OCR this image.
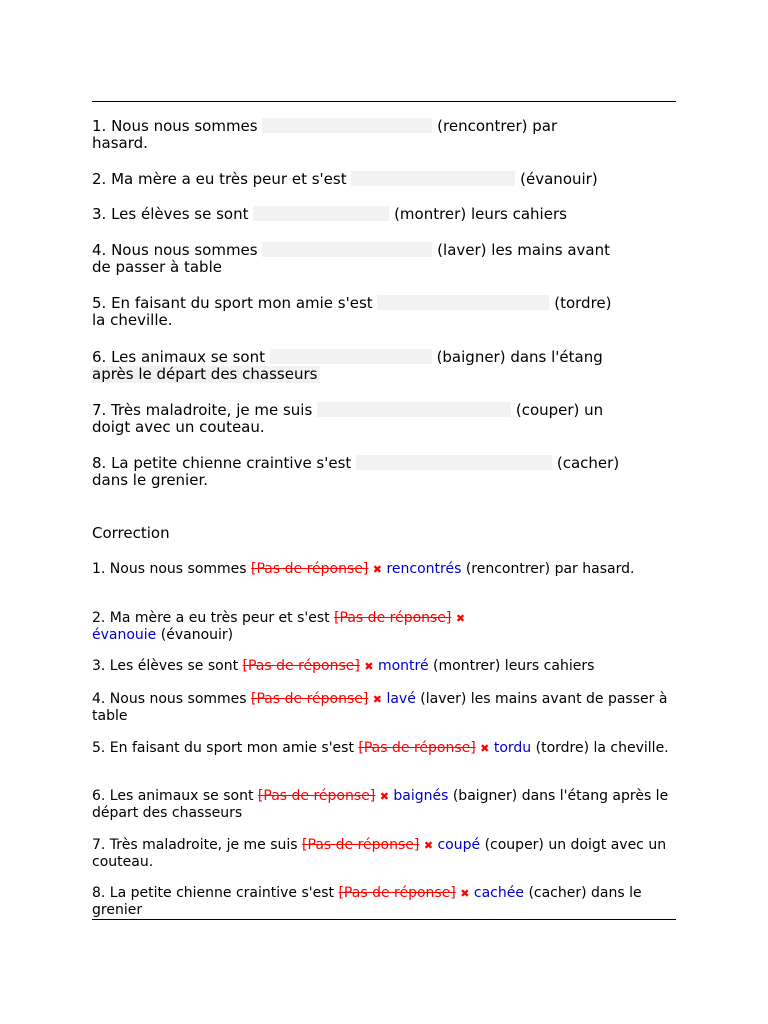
1. Nous nous sommes	(rencontrer) par
hasard.
2. Ma mère a eu très peur et s'est	(évanouir)
3. Les élèves se sont	(montrer) leurs cahiers
4. Nous nous sommes	(laver) les mains avant
de passer à table
5. En faisant du sport mon amie s'est	(tordre)
la cheville.
6. Les animaux se sont	(baigner) dans l'étang
après le départ des chasseurs
7. Très maladroite, je me suis	(couper) un
doigt avec un couteau.
8. La petite chienne craintive s'est	(cacher)
dans le grenier.
Correction
1. Nous nous sommes [Pas de réponse] ✖ rencontrés (rencontrer) par hasard.
2. Ma mère a eu très peur et s'est [Pas de réponse] ✖
évanouie (évanouir)
3. Les élèves se sont [Pas de réponse] ✖ montré (montrer) leurs cahiers
4. Nous nous sommes [Pas de réponse] ✖ lavé (laver) les mains avant de passer à table
5. En faisant du sport mon amie s'est [Pas de réponse] ✖ tordu (tordre) la cheville.
6. Les animaux se sont [Pas de réponse] ✖ baignés (baigner) dans l'étang après le départ des chasseurs
7. Très maladroite, je me suis [Pas de réponse] ✖ coupé (couper) un doigt avec un couteau.
8. La petite chienne craintive s'est [Pas de réponse] ✖ cachée (cacher) dans le grenier
